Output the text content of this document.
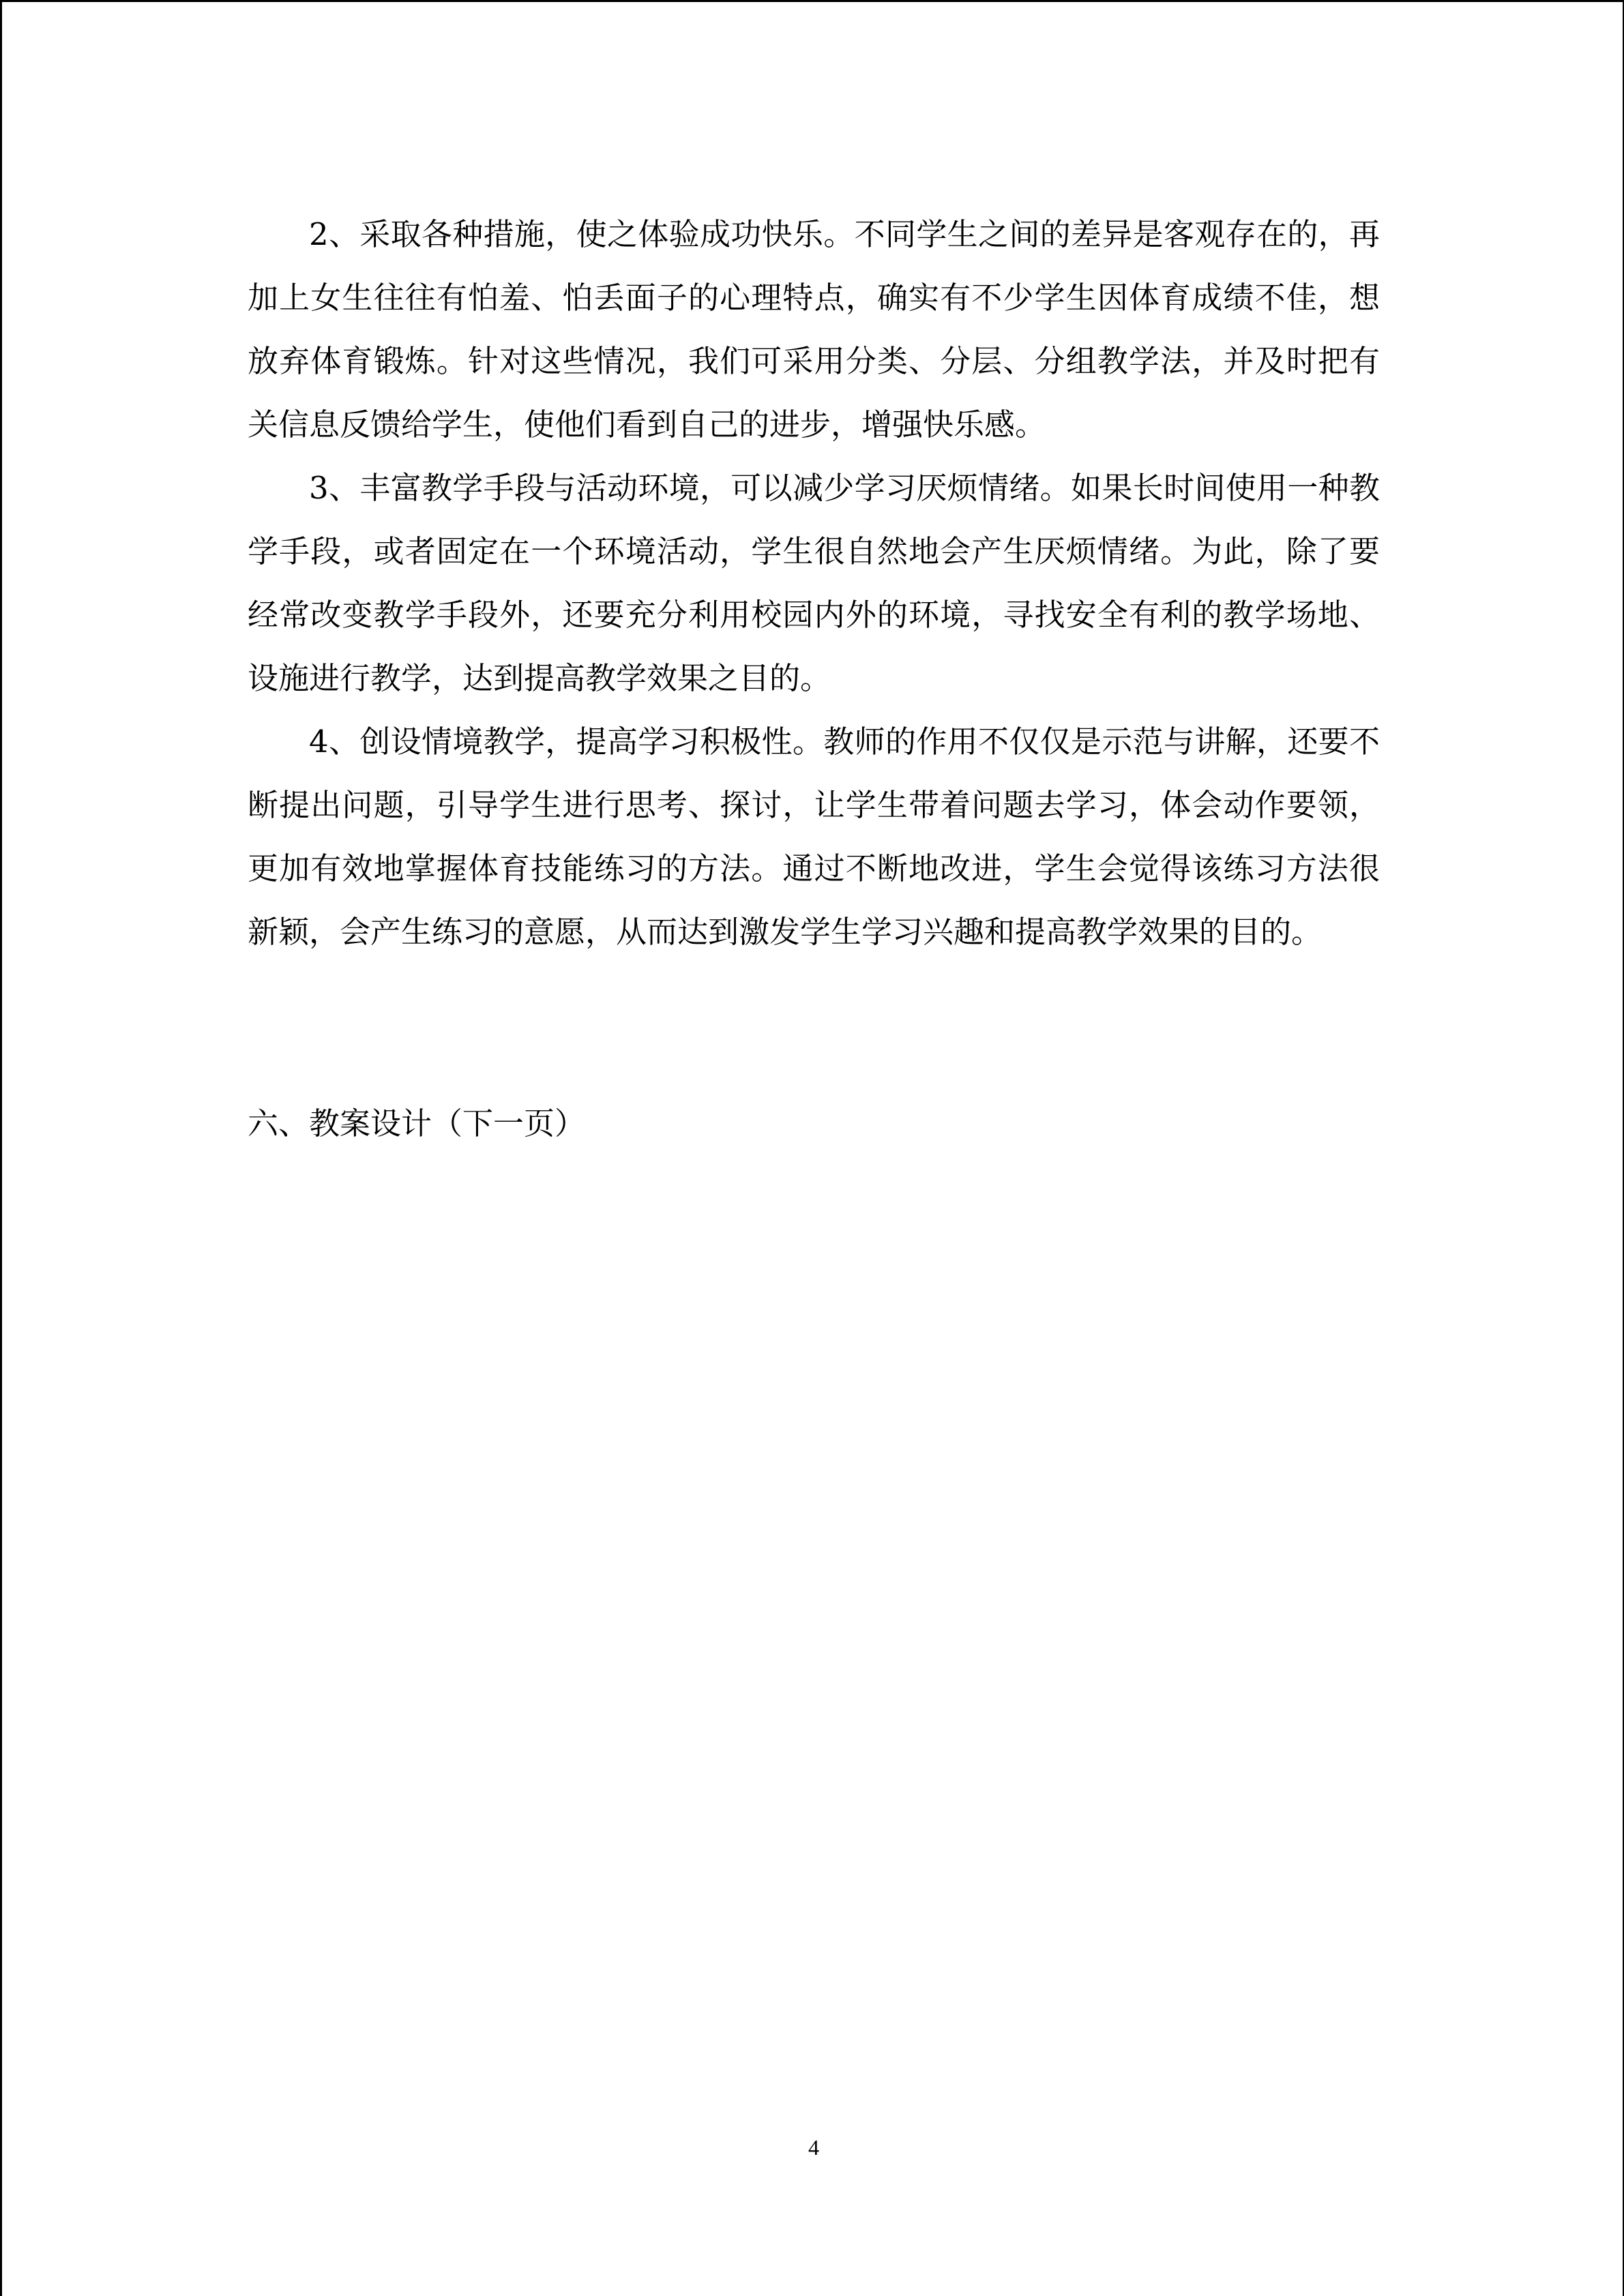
2、采取各种措施，使之体验成功快乐。不同学生之间的差异是客观存在的，再加上女生往往有怕羞、怕丢面子的心理特点，确实有不少学生因体育成绩不佳，想放弃体育锻炼。针对这些情况，我们可采用分类、分层、分组教学法，并及时把有关信息反馈给学生，使他们看到自己的进步，增强快乐感。

3、丰富教学手段与活动环境，可以减少学习厌烦情绪。如果长时间使用一种教学手段，或者固定在一个环境活动，学生很自然地会产生厌烦情绪。为此，除了要经常改变教学手段外，还要充分利用校园内外的环境，寻找安全有利的教学场地、设施进行教学，达到提高教学效果之目的。

4、创设情境教学，提高学习积极性。教师的作用不仅仅是示范与讲解，还要不断提出问题，引导学生进行思考、探讨，让学生带着问题去学习，体会动作要领，更加有效地掌握体育技能练习的方法。通过不断地改进，学生会觉得该练习方法很新颖，会产生练习的意愿，从而达到激发学生学习兴趣和提高教学效果的目的。

六、教案设计（下一页）

4
